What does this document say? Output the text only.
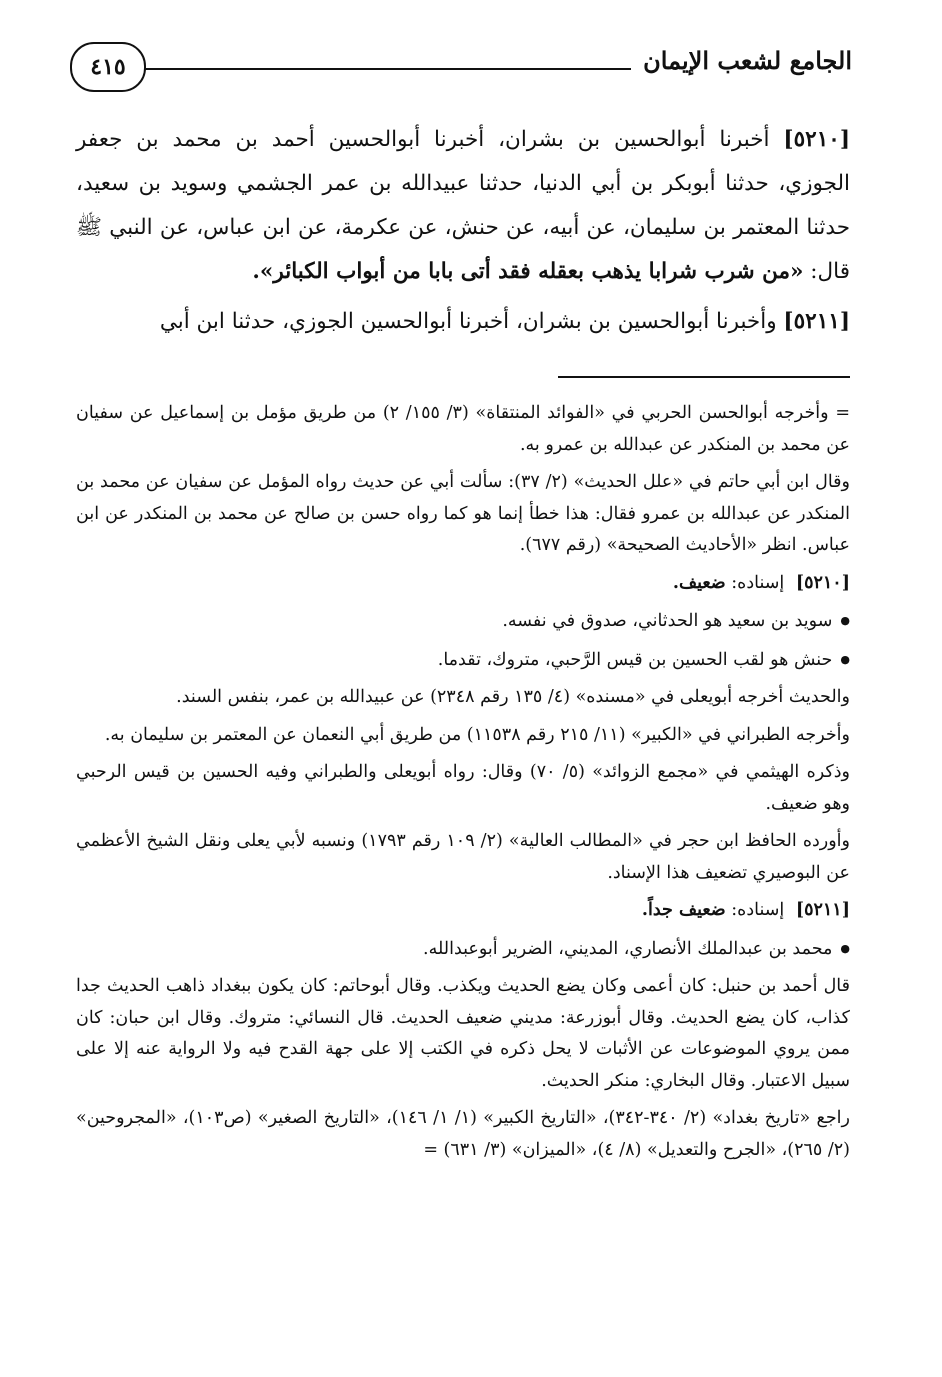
الجامع لشعب الإيمان
٤١٥

[٥٢١٠] أخبرنا أبوالحسين بن بشران، أخبرنا أبوالحسين أحمد بن محمد بن جعفر الجوزي، حدثنا أبوبكر بن أبي الدنيا، حدثنا عبيدالله بن عمر الجشمي وسويد بن سعيد، حدثنا المعتمر بن سليمان، عن أبيه، عن حنش، عن عكرمة، عن ابن عباس، عن النبي ﷺ قال: «من شرب شرابا يذهب بعقله فقد أتى بابا من أبواب الكبائر».

[٥٢١١] وأخبرنا أبوالحسين بن بشران، أخبرنا أبوالحسين الجوزي، حدثنا ابن أبي

= وأخرجه أبوالحسن الحربي في «الفوائد المنتقاة» (٣/ ١٥٥/ ٢) من طريق مؤمل بن إسماعيل عن سفيان عن محمد بن المنكدر عن عبدالله بن عمرو به.

وقال ابن أبي حاتم في «علل الحديث» (٢/ ٣٧): سألت أبي عن حديث رواه المؤمل عن سفيان عن محمد بن المنكدر عن عبدالله بن عمرو فقال: هذا خطأ إنما هو كما رواه حسن بن صالح عن محمد بن المنكدر عن ابن عباس. انظر «الأحاديث الصحيحة» (رقم ٦٧٧).

[٥٢١٠] إسناده: ضعيف.

● سويد بن سعيد هو الحدثاني، صدوق في نفسه.

● حنش هو لقب الحسين بن قيس الرَّحبي، متروك، تقدما.

والحديث أخرجه أبويعلى في «مسنده» (٤/ ١٣٥ رقم ٢٣٤٨) عن عبيدالله بن عمر، بنفس السند.

وأخرجه الطبراني في «الكبير» (١١/ ٢١٥ رقم ١١٥٣٨) من طريق أبي النعمان عن المعتمر بن سليمان به.

وذكره الهيثمي في «مجمع الزوائد» (٥/ ٧٠) وقال: رواه أبويعلى والطبراني وفيه الحسين بن قيس الرحبي وهو ضعيف.

وأورده الحافظ ابن حجر في «المطالب العالية» (٢/ ١٠٩ رقم ١٧٩٣) ونسبه لأبي يعلى ونقل الشيخ الأعظمي عن البوصيري تضعيف هذا الإسناد.

[٥٢١١] إسناده: ضعيف جداً.

● محمد بن عبدالملك الأنصاري، المديني، الضرير أبوعبدالله.

قال أحمد بن حنبل: كان أعمى وكان يضع الحديث ويكذب. وقال أبوحاتم: كان يكون ببغداد ذاهب الحديث جدا كذاب، كان يضع الحديث. وقال أبوزرعة: مديني ضعيف الحديث. قال النسائي: متروك. وقال ابن حبان: كان ممن يروي الموضوعات عن الأثبات لا يحل ذكره في الكتب إلا على جهة القدح فيه ولا الرواية عنه إلا على سبيل الاعتبار. وقال البخاري: منكر الحديث.

راجع «تاريخ بغداد» (٢/ ٣٤٠-٣٤٢)، «التاريخ الكبير» (١/ ١/ ١٤٦)، «التاريخ الصغير» (ص١٠٣)، «المجروحين» (٢/ ٢٦٥)، «الجرح والتعديل» (٨/ ٤)، «الميزان» (٣/ ٦٣١) =
